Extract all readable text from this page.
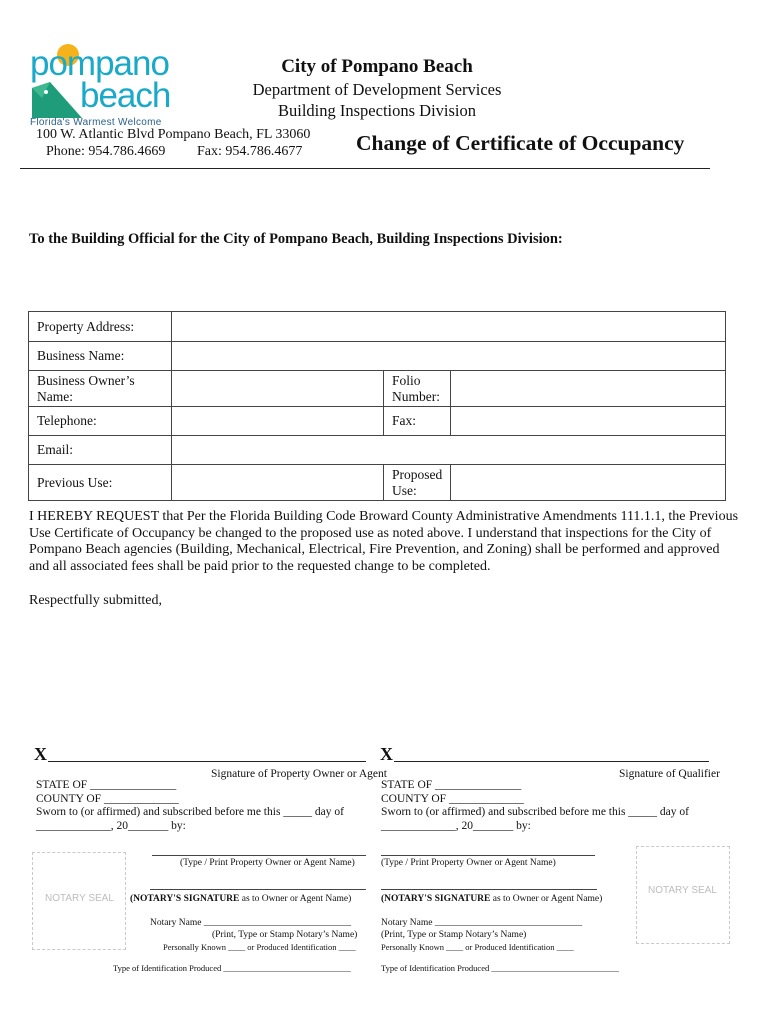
pompano
beach
Florida's Warmest Welcome
City of Pompano Beach
Department of Development Services
Building Inspections Division
100 W. Atlantic Blvd Pompano Beach, FL 33060
Phone: 954.786.4669 Fax: 954.786.4677 Change of Certificate of Occupancy
To the Building Official for the City of Pompano Beach, Building Inspections Division:
Property Address:			
Business Name:			
Business Owner’s Name:		Folio Number:	
Telephone:		Fax:	
Email:			
Previous Use:		Proposed Use:	
I HEREBY REQUEST that Per the Florida Building Code Broward County Administrative Amendments 111.1.1, the Previous Use Certificate of Occupancy be changed to the proposed use as noted above. I understand that inspections for the City of Pompano Beach agencies (Building, Mechanical, Electrical, Fire Prevention, and Zoning) shall be performed and approved and all associated fees shall be paid prior to the requested change to be completed.
Respectfully submitted,
X
Signature of Property Owner or Agent
STATE OF _______________
COUNTY OF _____________
Sworn to (or affirmed) and subscribed before me this _____ day of
_____________, 20_______ by:
(Type / Print Property Owner or Agent Name)
(NOTARY'S SIGNATURE as to Owner or Agent Name)
Notary Name _______________________________
(Print, Type or Stamp Notary’s Name)
Personally Known ____ or Produced Identification ____
Type of Identification Produced ______________________________
NOTARY SEAL
X
Signature of Qualifier
STATE OF _______________
COUNTY OF _____________
Sworn to (or affirmed) and subscribed before me this _____ day of
_____________, 20_______ by:
(Type / Print Property Owner or Agent Name)
(NOTARY'S SIGNATURE as to Owner or Agent Name)
Notary Name _______________________________
(Print, Type or Stamp Notary’s Name)
Personally Known ____ or Produced Identification ____
Type of Identification Produced ______________________________
NOTARY SEAL
